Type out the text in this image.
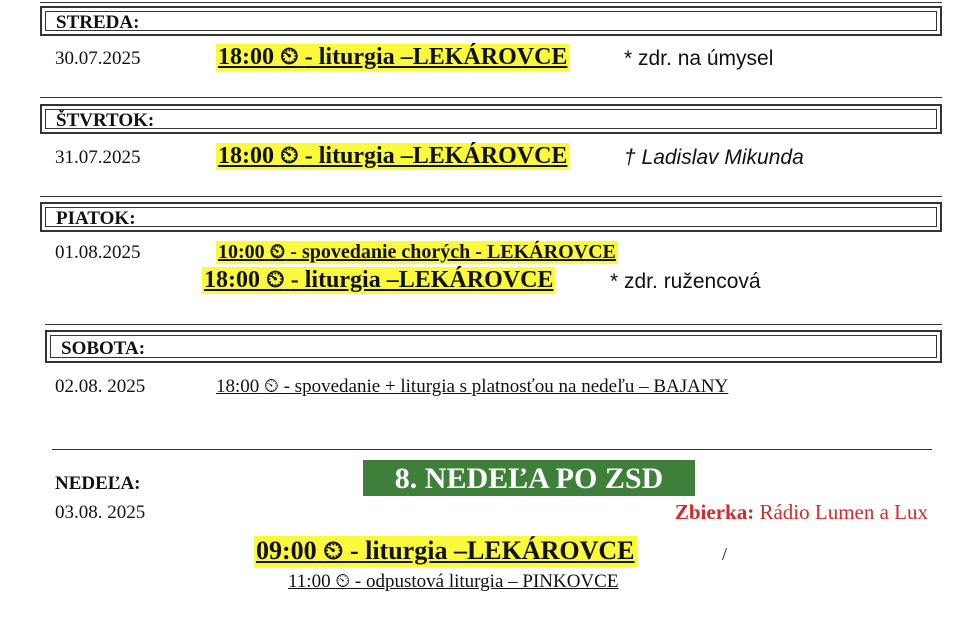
STREDA:
30.07.2025	18:00 ⏲ - liturgia –LEKÁROVCE	* zdr. na úmysel
ŠTVRTOK:
31.07.2025	18:00 ⏲ - liturgia –LEKÁROVCE	† Ladislav Mikunda
PIATOK:
01.08.2025	10:00 ⏲ - spovedanie chorých - LEKÁROVCE
18:00 ⏲ - liturgia –LEKÁROVCE	* zdr. ružencová
SOBOTA:
02.08. 2025	18:00 ⏲ - spovedanie + liturgia s platnosťou na nedeľu – BAJANY
NEDEĽA:	8. NEDEĽA PO ZSD
03.08. 2025	Zbierka: Rádio Lumen a Lux
09:00 ⏲ - liturgia –LEKÁROVCE	/
11:00 ⏲ - odpustová liturgia – PINKOVCE
